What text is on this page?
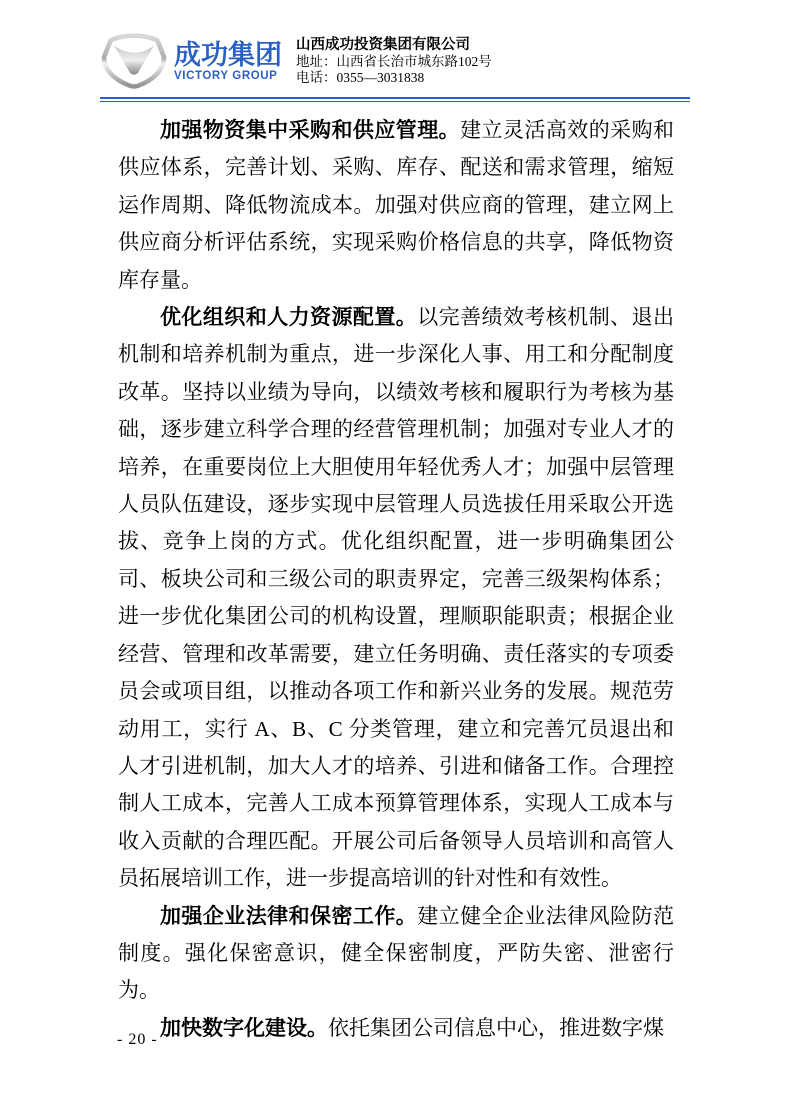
成功集团
VICTORY GROUP
山西成功投资集团有限公司
地址：山西省长治市城东路102号
电话：0355—3031838

加强物资集中采购和供应管理。建立灵活高效的采购和供应体系，完善计划、采购、库存、配送和需求管理，缩短运作周期、降低物流成本。加强对供应商的管理，建立网上供应商分析评估系统，实现采购价格信息的共享，降低物资库存量。

优化组织和人力资源配置。以完善绩效考核机制、退出机制和培养机制为重点，进一步深化人事、用工和分配制度改革。坚持以业绩为导向，以绩效考核和履职行为考核为基础，逐步建立科学合理的经营管理机制；加强对专业人才的培养，在重要岗位上大胆使用年轻优秀人才；加强中层管理人员队伍建设，逐步实现中层管理人员选拔任用采取公开选拔、竞争上岗的方式。优化组织配置，进一步明确集团公司、板块公司和三级公司的职责界定，完善三级架构体系；进一步优化集团公司的机构设置，理顺职能职责；根据企业经营、管理和改革需要，建立任务明确、责任落实的专项委员会或项目组，以推动各项工作和新兴业务的发展。规范劳动用工，实行 A、B、C 分类管理，建立和完善冗员退出和人才引进机制，加大人才的培养、引进和储备工作。合理控制人工成本，完善人工成本预算管理体系，实现人工成本与收入贡献的合理匹配。开展公司后备领导人员培训和高管人员拓展培训工作，进一步提高培训的针对性和有效性。

加强企业法律和保密工作。建立健全企业法律风险防范制度。强化保密意识，健全保密制度，严防失密、泄密行为。

加快数字化建设。依托集团公司信息中心，推进数字煤

- 20 -
